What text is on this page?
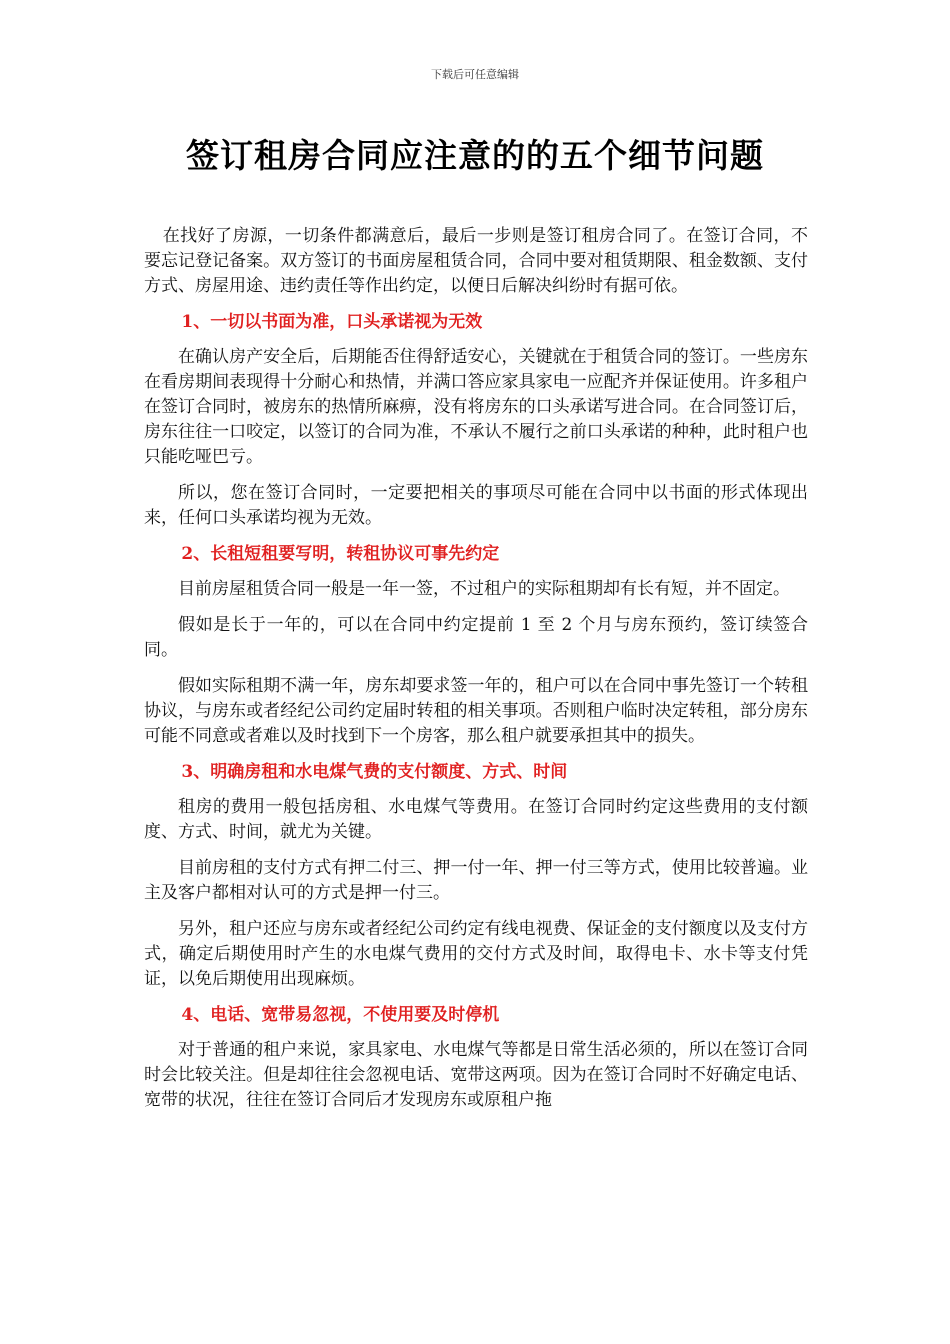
下载后可任意编辑
签订租房合同应注意的的五个细节问题

在找好了房源，一切条件都满意后，最后一步则是签订租房合同了。在签订合同，不要忘记登记备案。双方签订的书面房屋租赁合同，合同中要对租赁期限、租金数额、支付方式、房屋用途、违约责任等作出约定，以便日后解决纠纷时有据可依。

1、一切以书面为准，口头承诺视为无效

在确认房产安全后，后期能否住得舒适安心，关键就在于租赁合同的签订。一些房东在看房期间表现得十分耐心和热情，并满口答应家具家电一应配齐并保证使用。许多租户在签订合同时，被房东的热情所麻痹，没有将房东的口头承诺写进合同。在合同签订后，房东往往一口咬定，以签订的合同为准，不承认不履行之前口头承诺的种种，此时租户也只能吃哑巴亏。

所以，您在签订合同时，一定要把相关的事项尽可能在合同中以书面的形式体现出来，任何口头承诺均视为无效。

2、长租短租要写明，转租协议可事先约定

目前房屋租赁合同一般是一年一签，不过租户的实际租期却有长有短，并不固定。

假如是长于一年的，可以在合同中约定提前 1 至 2 个月与房东预约，签订续签合同。

假如实际租期不满一年，房东却要求签一年的，租户可以在合同中事先签订一个转租协议，与房东或者经纪公司约定届时转租的相关事项。否则租户临时决定转租，部分房东可能不同意或者难以及时找到下一个房客，那么租户就要承担其中的损失。

3、明确房租和水电煤气费的支付额度、方式、时间

租房的费用一般包括房租、水电煤气等费用。在签订合同时约定这些费用的支付额度、方式、时间，就尤为关键。

目前房租的支付方式有押二付三、押一付一年、押一付三等方式，使用比较普遍。业主及客户都相对认可的方式是押一付三。

另外，租户还应与房东或者经纪公司约定有线电视费、保证金的支付额度以及支付方式，确定后期使用时产生的水电煤气费用的交付方式及时间，取得电卡、水卡等支付凭证，以免后期使用出现麻烦。

4、电话、宽带易忽视，不使用要及时停机

对于普通的租户来说，家具家电、水电煤气等都是日常生活必须的，所以在签订合同时会比较关注。但是却往往会忽视电话、宽带这两项。因为在签订合同时不好确定电话、宽带的状况，往往在签订合同后才发现房东或原租户拖
